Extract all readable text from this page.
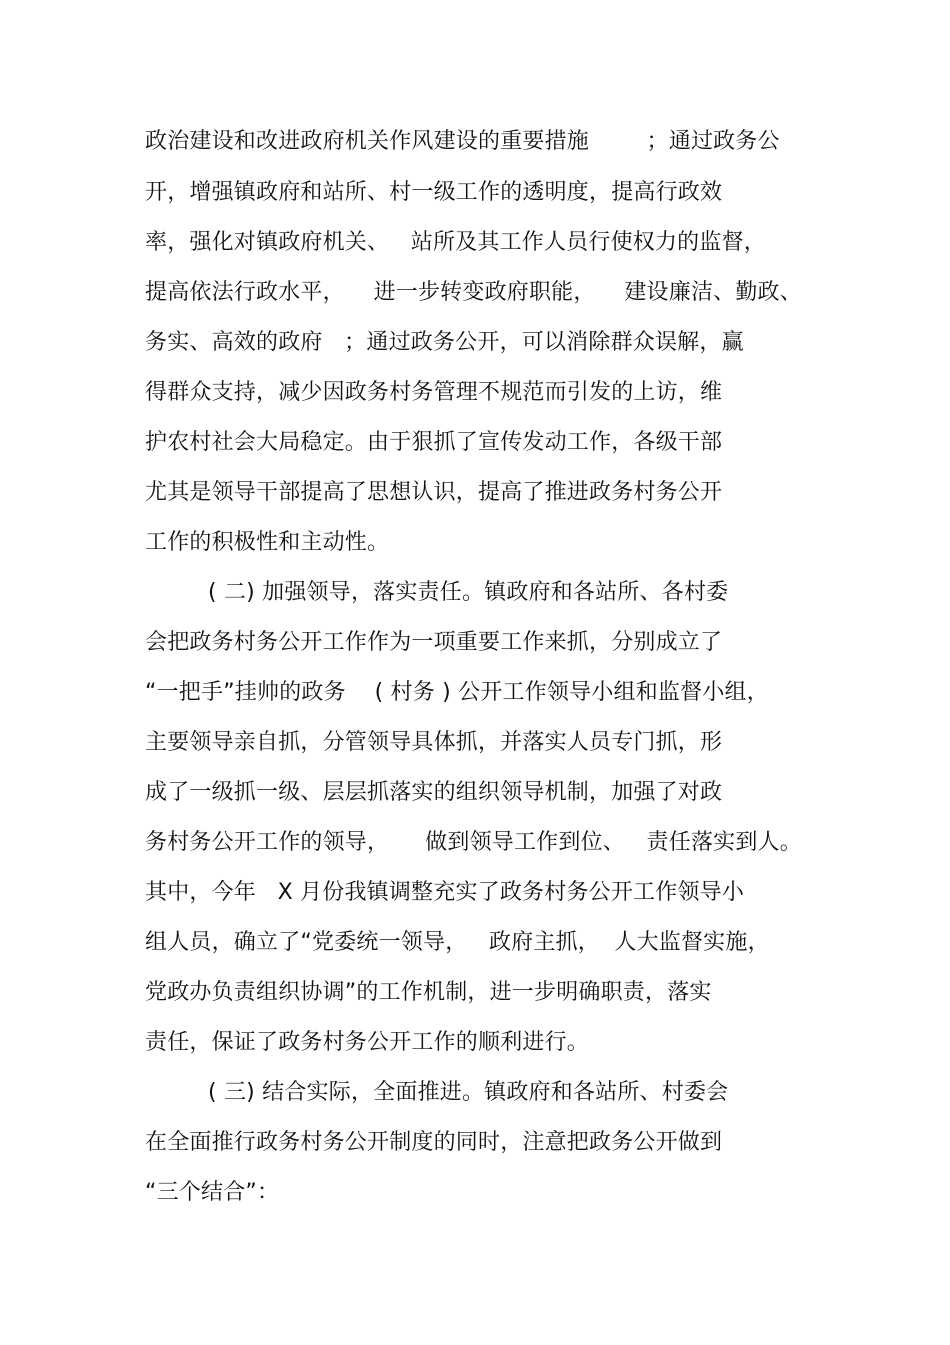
政治建设和改进政府机关作风建设的重要措施        ；通过政务公
开，增强镇政府和站所、村一级工作的透明度，提高行政效
率，强化对镇政府机关、   站所及其工作人员行使权力的监督，
提高依法行政水平，    进一步转变政府职能，    建设廉洁、勤政、
务实、高效的政府   ；通过政务公开，可以消除群众误解，赢
得群众支持，减少因政务村务管理不规范而引发的上访，维
护农村社会大局稳定。由于狠抓了宣传发动工作，各级干部
尤其是领导干部提高了思想认识，提高了推进政务村务公开
工作的积极性和主动性。
( 二) 加强领导，落实责任。镇政府和各站所、各村委
会把政务村务公开工作作为一项重要工作来抓，分别成立了
“一把手”挂帅的政务    ( 村务 ) 公开工作领导小组和监督小组，
主要领导亲自抓，分管领导具体抓，并落实人员专门抓，形
成了一级抓一级、层层抓落实的组织领导机制，加强了对政
务村务公开工作的领导，     做到领导工作到位、   责任落实到人。
其中，今年   X 月份我镇调整充实了政务村务公开工作领导小
组人员，确立了“党委统一领导，   政府主抓，  人大监督实施，
党政办负责组织协调”的工作机制，进一步明确职责，落实
责任，保证了政务村务公开工作的顺利进行。
( 三) 结合实际，全面推进。镇政府和各站所、村委会
在全面推行政务村务公开制度的同时，注意把政务公开做到
“三个结合”：
